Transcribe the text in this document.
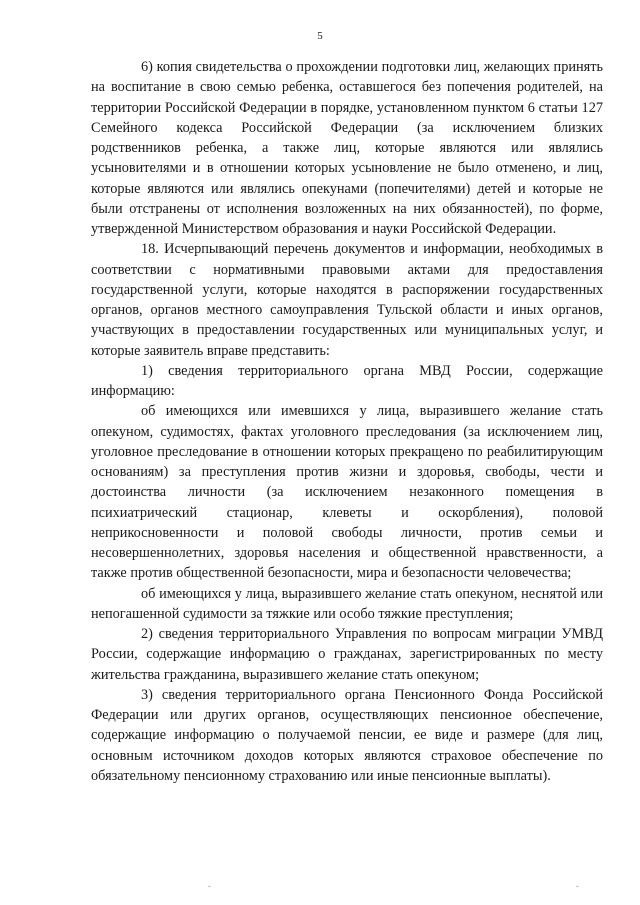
5

6) копия свидетельства о прохождении подготовки лиц, желающих принять на воспитание в свою семью ребенка, оставшегося без попечения родителей, на территории Российской Федерации в порядке, установленном пунктом 6 статьи 127 Семейного кодекса Российской Федерации (за исключением близких родственников ребенка, а также лиц, которые являются или являлись усыновителями и в отношении которых усыновление не было отменено, и лиц, которые являются или являлись опекунами (попечителями) детей и которые не были отстранены от исполнения возложенных на них обязанностей), по форме, утвержденной Министерством образования и науки Российской Федерации.

18. Исчерпывающий перечень документов и информации, необходимых в соответствии с нормативными правовыми актами для предоставления государственной услуги, которые находятся в распоряжении государственных органов, органов местного самоуправления Тульской области и иных органов, участвующих в предоставлении государственных или муниципальных услуг, и которые заявитель вправе представить:

1) сведения территориального органа МВД России, содержащие информацию:

об имеющихся или имевшихся у лица, выразившего желание стать опекуном, судимостях, фактах уголовного преследования (за исключением лиц, уголовное преследование в отношении которых прекращено по реабилитирующим основаниям) за преступления против жизни и здоровья, свободы, чести и достоинства личности (за исключением незаконного помещения в психиатрический стационар, клеветы и оскорбления), половой неприкосновенности и половой свободы личности, против семьи и несовершеннолетних, здоровья населения и общественной нравственности, а также против общественной безопасности, мира и безопасности человечества;

об имеющихся у лица, выразившего желание стать опекуном, неснятой или непогашенной судимости за тяжкие или особо тяжкие преступления;

2) сведения территориального Управления по вопросам миграции УМВД России, содержащие информацию о гражданах, зарегистрированных по месту жительства гражданина, выразившего желание стать опекуном;

3) сведения территориального органа Пенсионного Фонда Российской Федерации или других органов, осуществляющих пенсионное обеспечение, содержащие информацию о получаемой пенсии, ее виде и размере (для лиц, основным источником доходов которых являются страховое обеспечение по обязательному пенсионному страхованию или иные пенсионные выплаты).
